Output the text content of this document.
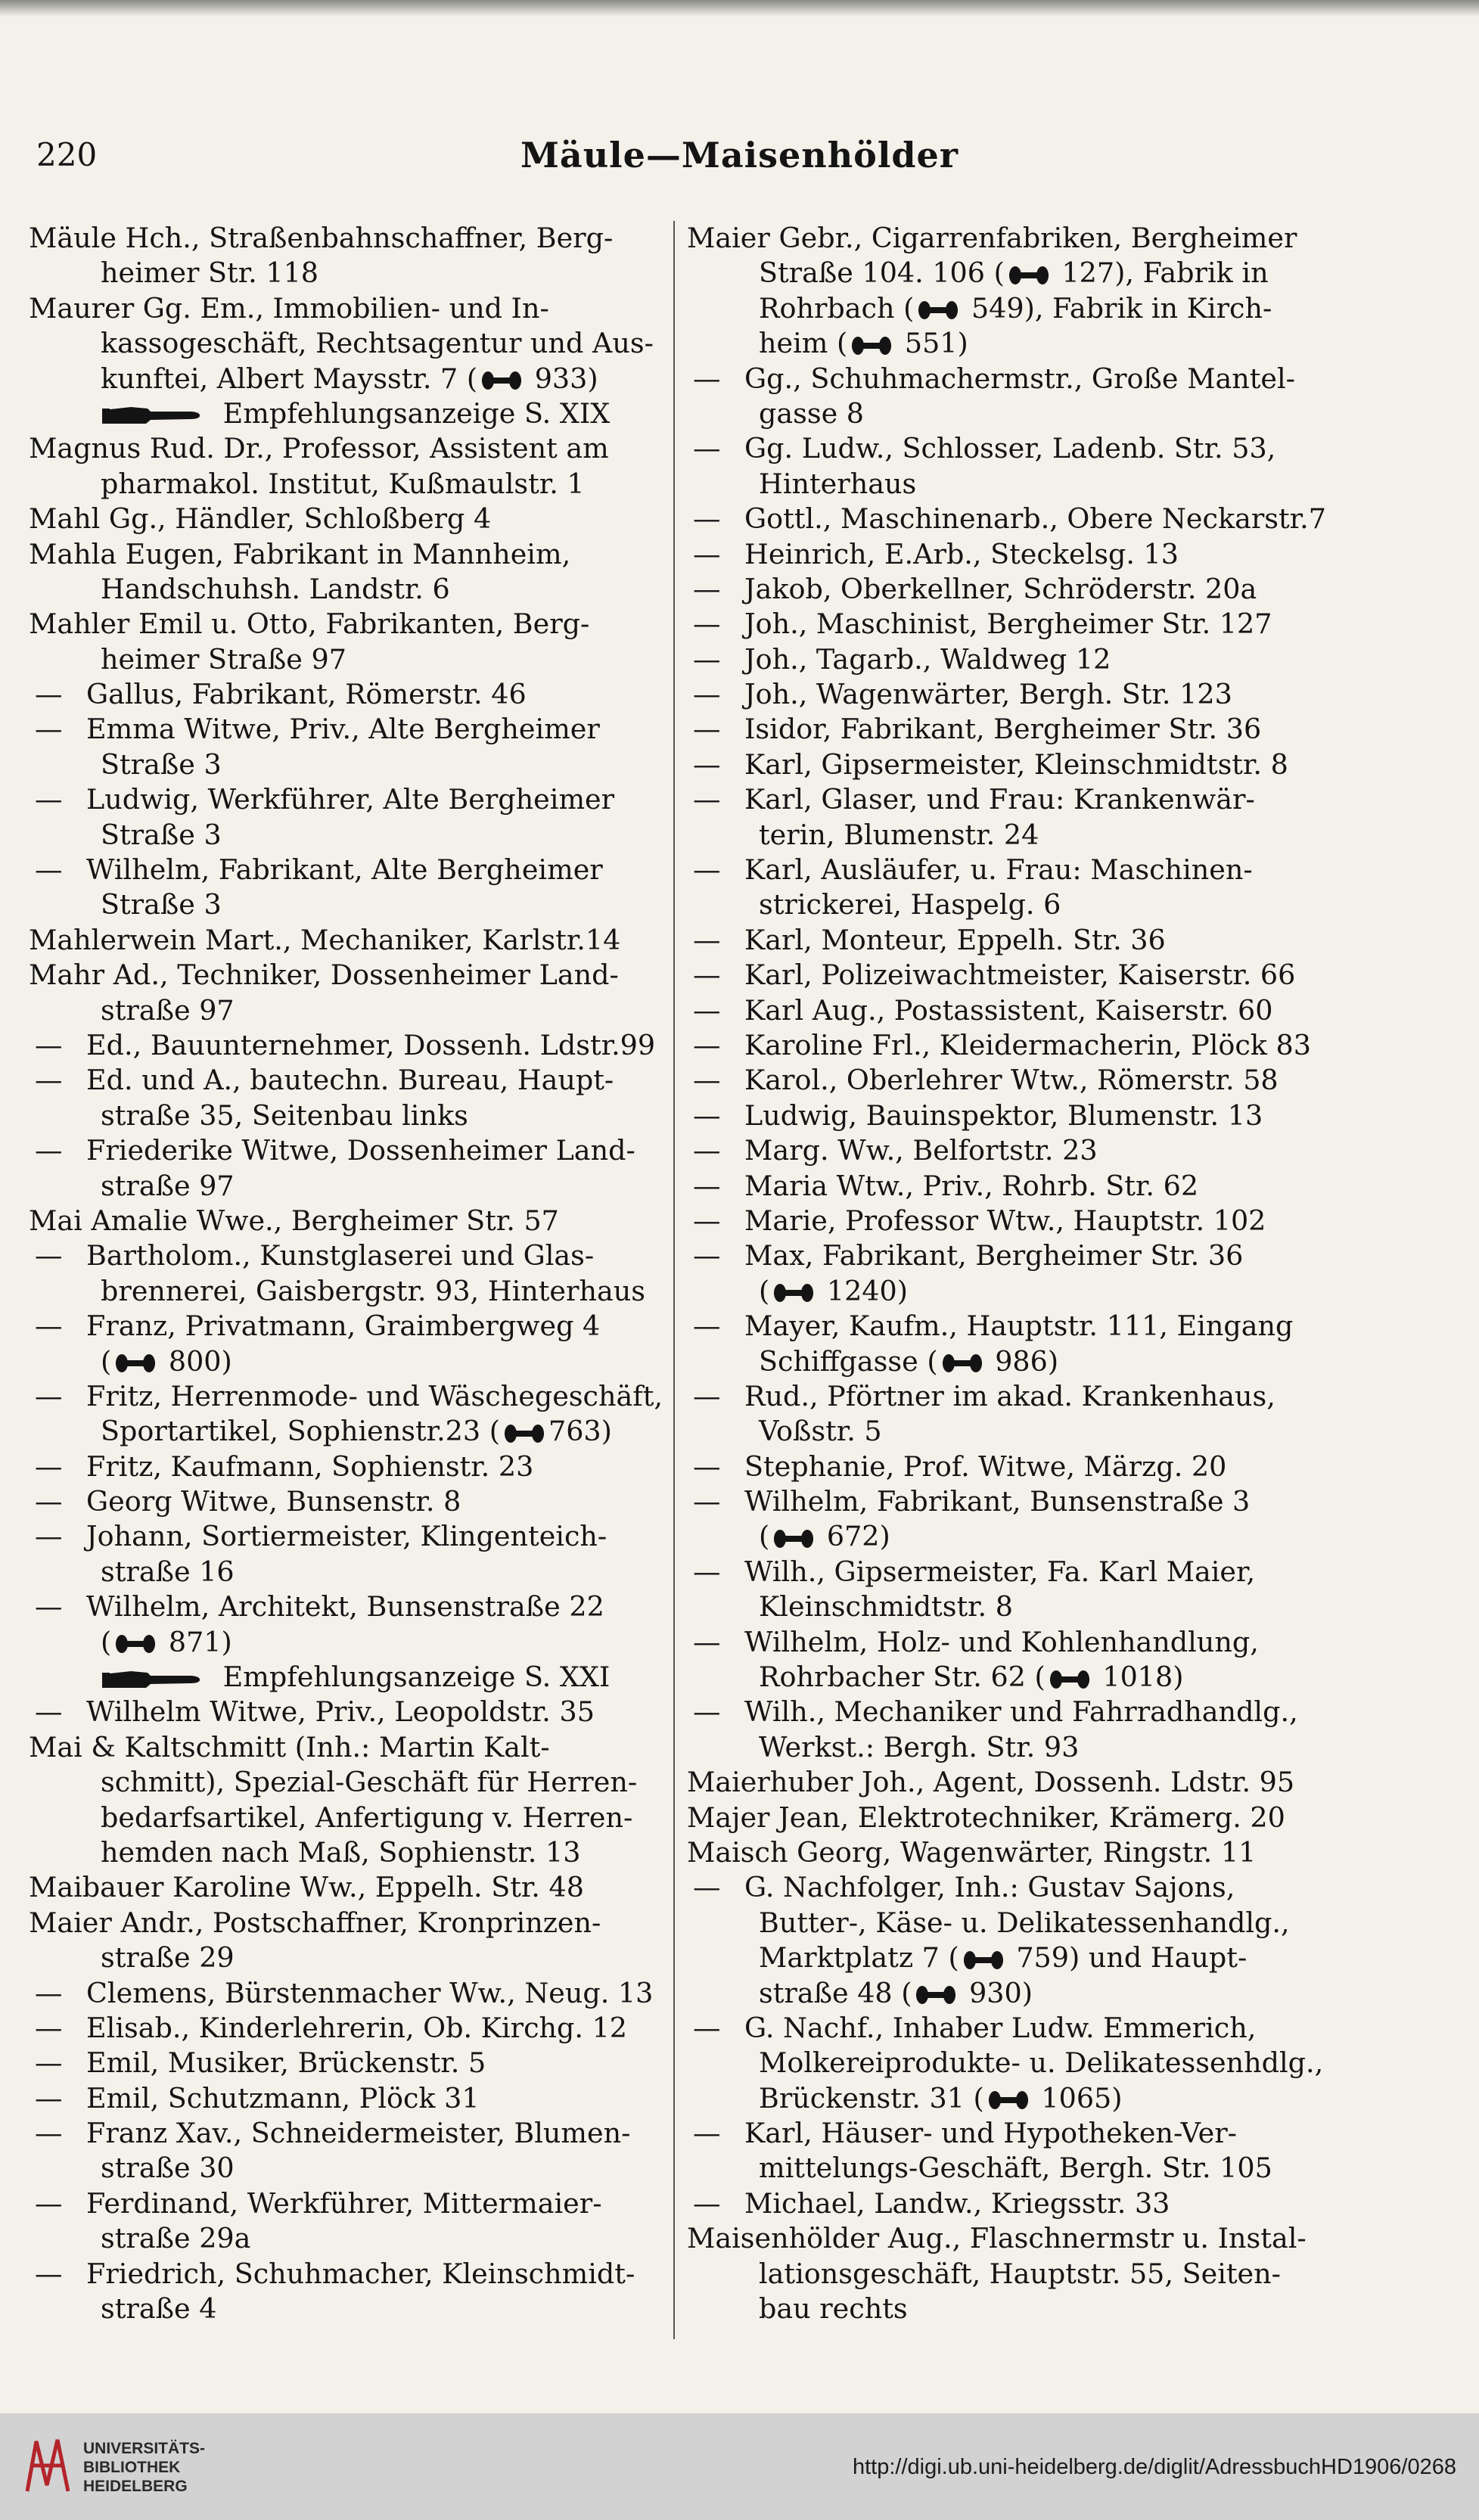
220	Mäule—Maisenhölder
Mäule Hch., Straßenbahnschaffner, Berg-
heimer Str. 118
Maurer Gg. Em., Immobilien- und In-
kassogeschäft, Rechtsagentur und Aus-
kunftei, Albert Maysstr. 7 ( 933)
Empfehlungsanzeige S. XIX
Magnus Rud. Dr., Professor, Assistent am
pharmakol. Institut, Kußmaulstr. 1
Mahl Gg., Händler, Schloßberg 4
Mahla Eugen, Fabrikant in Mannheim,
Handschuhsh. Landstr. 6
Mahler Emil u. Otto, Fabrikanten, Berg-
heimer Straße 97
— Gallus, Fabrikant, Römerstr. 46
— Emma Witwe, Priv., Alte Bergheimer
Straße 3
— Ludwig, Werkführer, Alte Bergheimer
Straße 3
— Wilhelm, Fabrikant, Alte Bergheimer
Straße 3
Mahlerwein Mart., Mechaniker, Karlstr.14
Mahr Ad., Techniker, Dossenheimer Land-
straße 97
— Ed., Bauunternehmer, Dossenh. Ldstr.99
— Ed. und A., bautechn. Bureau, Haupt-
straße 35, Seitenbau links
— Friederike Witwe, Dossenheimer Land-
straße 97
Mai Amalie Wwe., Bergheimer Str. 57
— Bartholom., Kunstglaserei und Glas-
brennerei, Gaisbergstr. 93, Hinterhaus
— Franz, Privatmann, Graimbergweg 4
( 800)
— Fritz, Herrenmode- und Wäschegeschäft,
Sportartikel, Sophienstr.23 ( 763)
— Fritz, Kaufmann, Sophienstr. 23
— Georg Witwe, Bunsenstr. 8
— Johann, Sortiermeister, Klingenteich-
straße 16
— Wilhelm, Architekt, Bunsenstraße 22
( 871)
Empfehlungsanzeige S. XXI
— Wilhelm Witwe, Priv., Leopoldstr. 35
Mai & Kaltschmitt (Inh.: Martin Kalt-
schmitt), Spezial-Geschäft für Herren-
bedarfsartikel, Anfertigung v. Herren-
hemden nach Maß, Sophienstr. 13
Maibauer Karoline Ww., Eppelh. Str. 48
Maier Andr., Postschaffner, Kronprinzen-
straße 29
— Clemens, Bürstenmacher Ww., Neug. 13
— Elisab., Kinderlehrerin, Ob. Kirchg. 12
— Emil, Musiker, Brückenstr. 5
— Emil, Schutzmann, Plöck 31
— Franz Xav., Schneidermeister, Blumen-
straße 30
— Ferdinand, Werkführer, Mittermaier-
straße 29a
— Friedrich, Schuhmacher, Kleinschmidt-
straße 4
Maier Gebr., Cigarrenfabriken, Bergheimer
Straße 104. 106 ( 127), Fabrik in
Rohrbach ( 549), Fabrik in Kirch-
heim ( 551)
— Gg., Schuhmachermstr., Große Mantel-
gasse 8
— Gg. Ludw., Schlosser, Ladenb. Str. 53,
Hinterhaus
— Gottl., Maschinenarb., Obere Neckarstr.7
— Heinrich, E.Arb., Steckelsg. 13
— Jakob, Oberkellner, Schröderstr. 20a
— Joh., Maschinist, Bergheimer Str. 127
— Joh., Tagarb., Waldweg 12
— Joh., Wagenwärter, Bergh. Str. 123
— Isidor, Fabrikant, Bergheimer Str. 36
— Karl, Gipsermeister, Kleinschmidtstr. 8
— Karl, Glaser, und Frau: Krankenwär-
terin, Blumenstr. 24
— Karl, Ausläufer, u. Frau: Maschinen-
strickerei, Haspelg. 6
— Karl, Monteur, Eppelh. Str. 36
— Karl, Polizeiwachtmeister, Kaiserstr. 66
— Karl Aug., Postassistent, Kaiserstr. 60
— Karoline Frl., Kleidermacherin, Plöck 83
— Karol., Oberlehrer Wtw., Römerstr. 58
— Ludwig, Bauinspektor, Blumenstr. 13
— Marg. Ww., Belfortstr. 23
— Maria Wtw., Priv., Rohrb. Str. 62
— Marie, Professor Wtw., Hauptstr. 102
— Max, Fabrikant, Bergheimer Str. 36
( 1240)
— Mayer, Kaufm., Hauptstr. 111, Eingang
Schiffgasse ( 986)
— Rud., Pförtner im akad. Krankenhaus,
Voßstr. 5
— Stephanie, Prof. Witwe, Märzg. 20
— Wilhelm, Fabrikant, Bunsenstraße 3
( 672)
— Wilh., Gipsermeister, Fa. Karl Maier,
Kleinschmidtstr. 8
— Wilhelm, Holz- und Kohlenhandlung,
Rohrbacher Str. 62 ( 1018)
— Wilh., Mechaniker und Fahrradhandlg.,
Werkst.: Bergh. Str. 93
Maierhuber Joh., Agent, Dossenh. Ldstr. 95
Majer Jean, Elektrotechniker, Krämerg. 20
Maisch Georg, Wagenwärter, Ringstr. 11
— G. Nachfolger, Inh.: Gustav Sajons,
Butter-, Käse- u. Delikatessenhandlg.,
Marktplatz 7 ( 759) und Haupt-
straße 48 ( 930)
— G. Nachf., Inhaber Ludw. Emmerich,
Molkereiprodukte- u. Delikatessenhdlg.,
Brückenstr. 31 ( 1065)
— Karl, Häuser- und Hypotheken-Ver-
mittelungs-Geschäft, Bergh. Str. 105
— Michael, Landw., Kriegsstr. 33
Maisenhölder Aug., Flaschnermstr u. Instal-
lationsgeschäft, Hauptstr. 55, Seiten-
bau rechts
UNIVERSITÄTS-
BIBLIOTHEK
HEIDELBERG
http://digi.ub.uni-heidelberg.de/diglit/AdressbuchHD1906/0268
